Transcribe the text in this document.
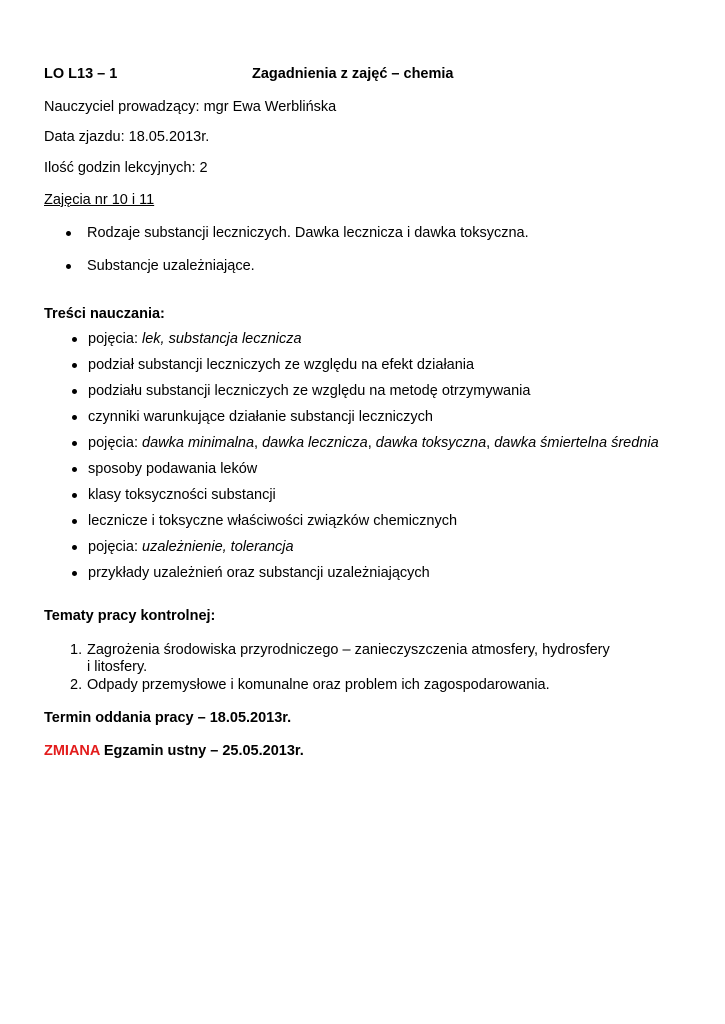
LO L13 – 1	Zagadnienia z zajęć – chemia
Nauczyciel prowadzący: mgr Ewa Werblińska
Data zjazdu: 18.05.2013r.
Ilość godzin lekcyjnych: 2
Zajęcia nr 10 i 11
Rodzaje substancji leczniczych. Dawka lecznicza i dawka toksyczna.
Substancje uzależniające.
Treści nauczania:
pojęcia: lek, substancja lecznicza
podział substancji leczniczych ze względu na efekt działania
podziału substancji leczniczych ze względu na metodę otrzymywania
czynniki warunkujące działanie substancji leczniczych
pojęcia: dawka minimalna, dawka lecznicza, dawka toksyczna, dawka śmiertelna średnia
sposoby podawania leków
klasy toksyczności substancji
lecznicze i toksyczne właściwości związków chemicznych
pojęcia: uzależnienie, tolerancja
przykłady uzależnień oraz substancji uzależniających
Tematy pracy kontrolnej:
1. Zagrożenia środowiska przyrodniczego – zanieczyszczenia atmosfery, hydrosfery
i litosfery.
2. Odpady przemysłowe i komunalne oraz problem ich zagospodarowania.
Termin oddania pracy – 18.05.2013r.
ZMIANA Egzamin ustny – 25.05.2013r.
